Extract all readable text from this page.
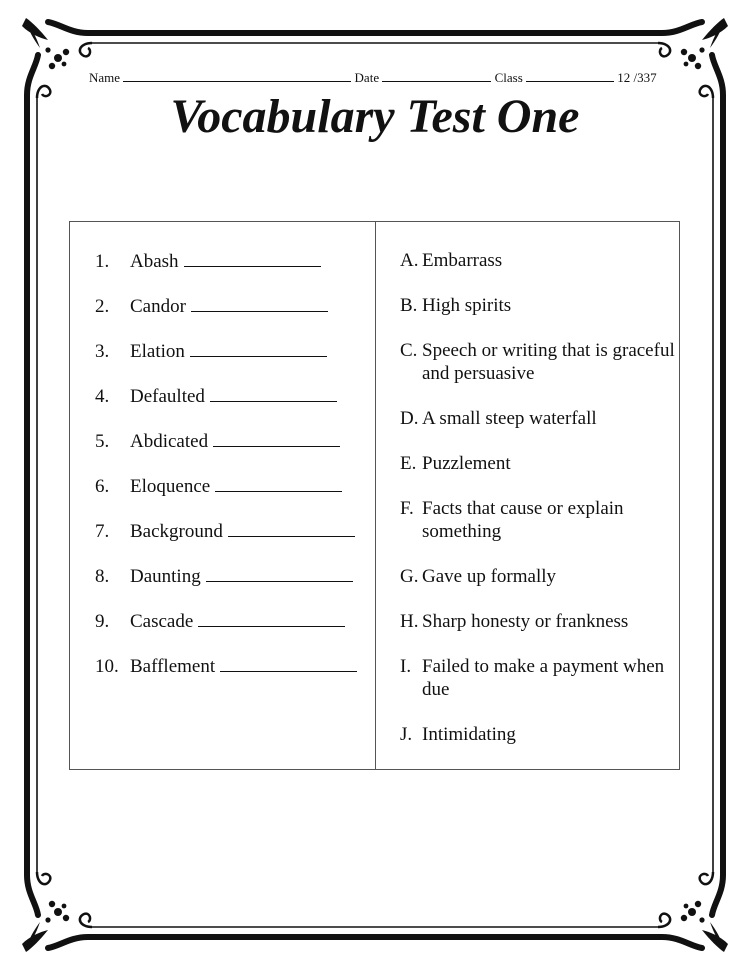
Name	Date	Class	12 /337
Vocabulary Test One
1. Abash
2. Candor
3. Elation
4. Defaulted
5. Abdicated
6. Eloquence
7. Background
8. Daunting
9. Cascade
10. Bafflement
A. Embarrass
B. High spirits
C. Speech or writing that is graceful and persuasive
D. A small steep waterfall
E. Puzzlement
F. Facts that cause or explain something
G. Gave up formally
H. Sharp honesty or frankness
I. Failed to make a payment when due
J. Intimidating
